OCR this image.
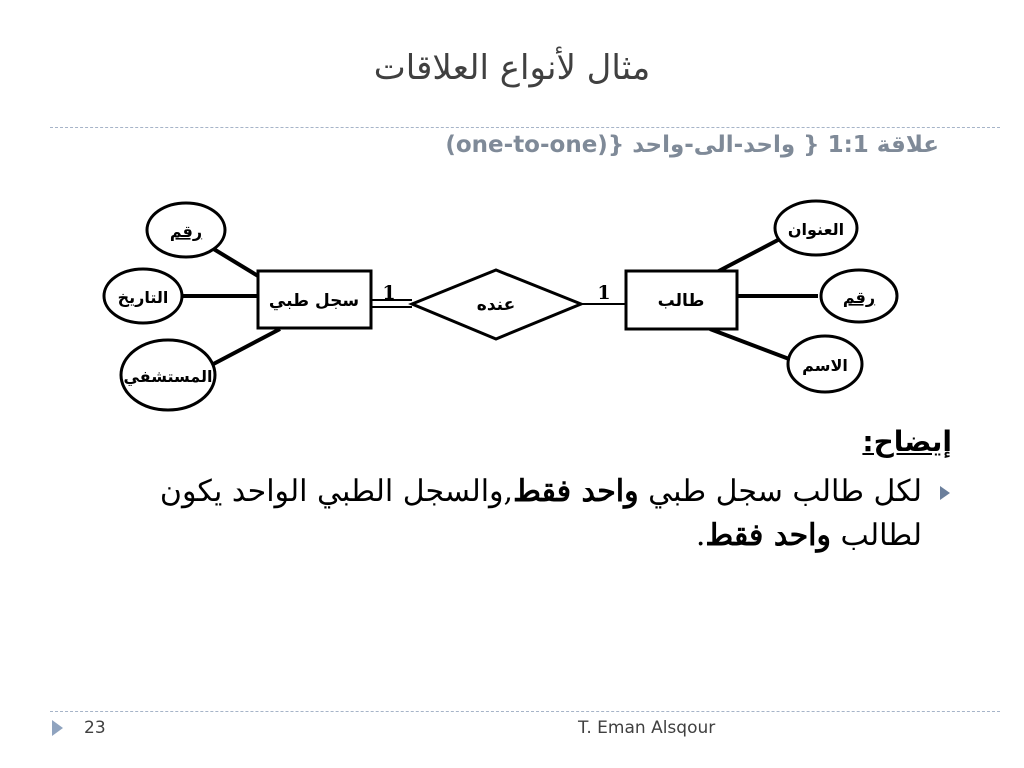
مثال لأنواع العلاقات
علاقة 1:1 { واحد-الى-واحد (one-to-one)}
سجل طبي	طالب
عنده
1	1
رقم
التاريخ
المستشفي
العنوان
رقم
الاسم
إيضاح:
لكل طالب سجل طبي واحد فقط,والسجل الطبي الواحد يكون لطالب واحد فقط.
23	T. Eman Alsqour
